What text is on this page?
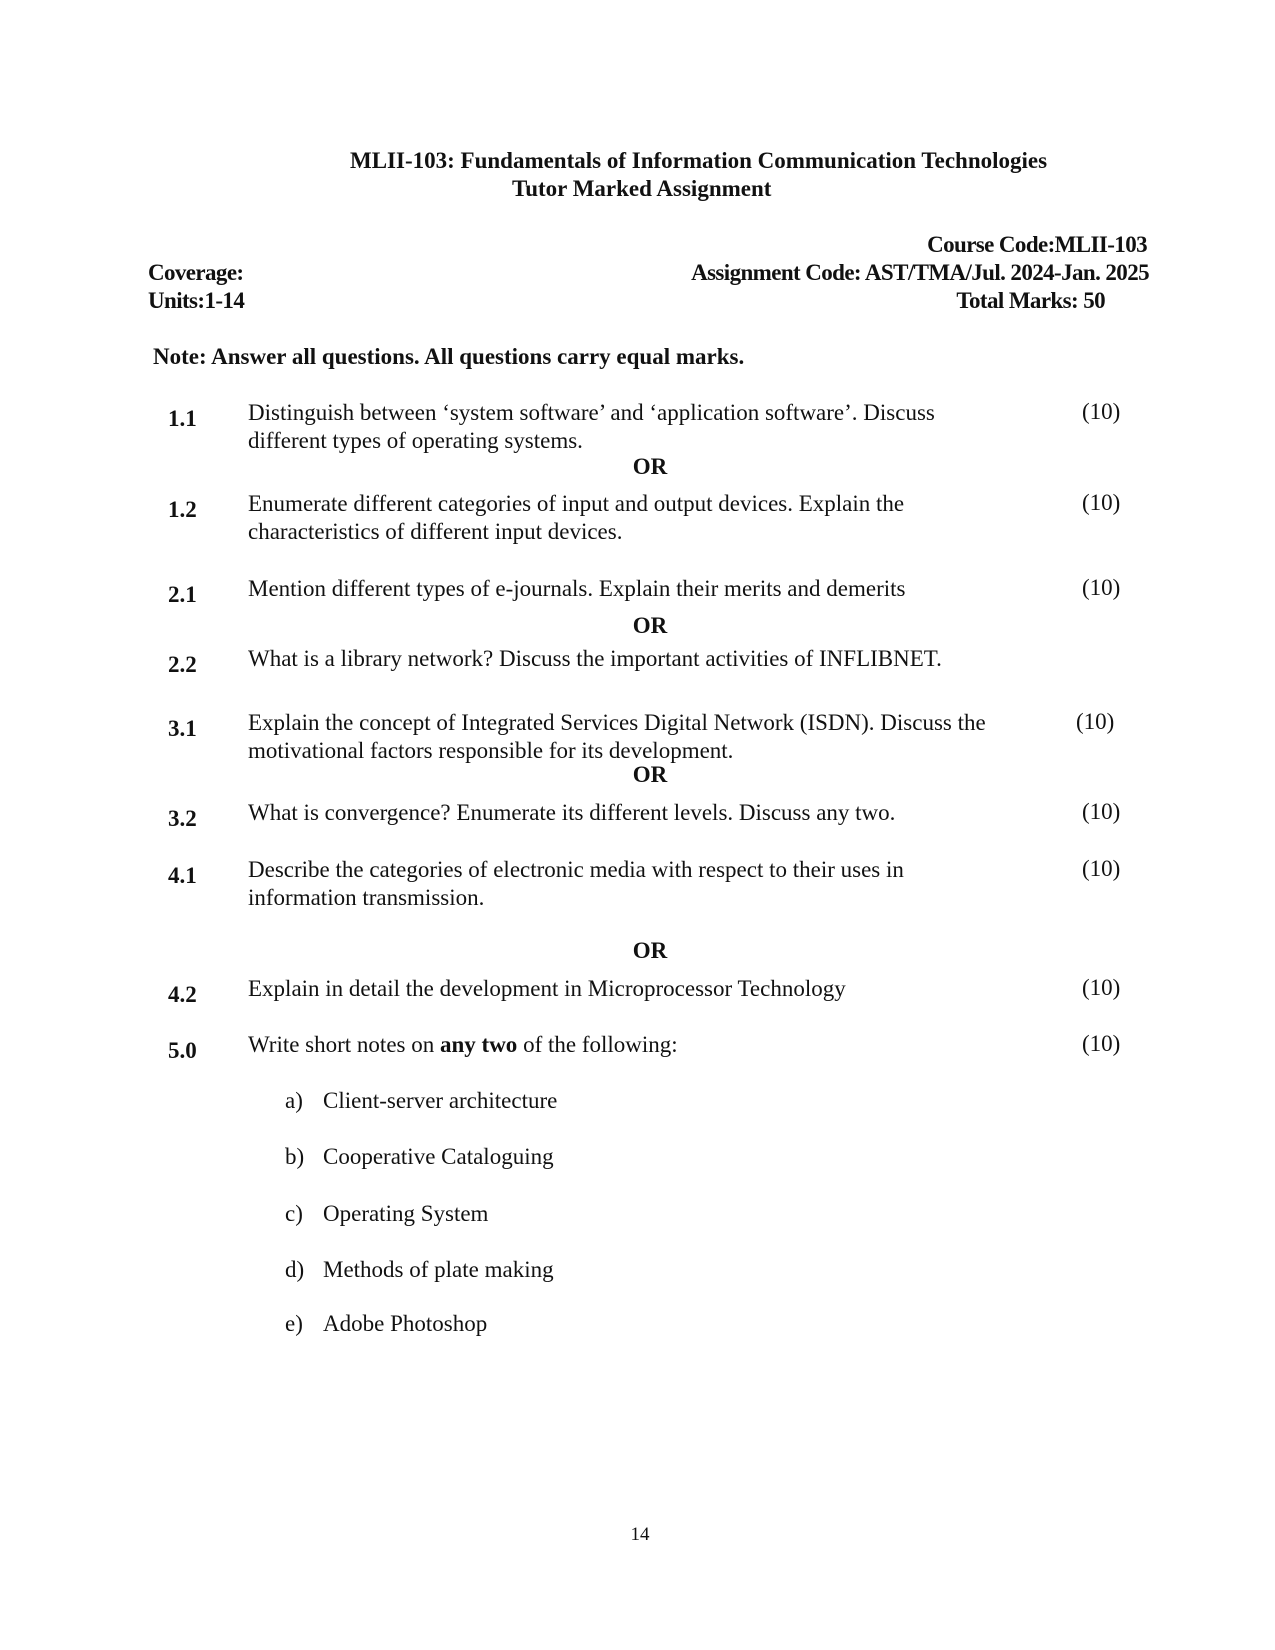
MLII-103: Fundamentals of Information Communication Technologies
Tutor Marked Assignment
Course Code:MLII-103
Coverage:	Assignment Code: AST/TMA/Jul. 2024-Jan. 2025
Units:1-14	Total Marks: 50
Note: Answer all questions. All questions carry equal marks.
1.1 Distinguish between ‘system software’ and ‘application software’. Discuss
different types of operating systems.
(10)
OR
1.2 Enumerate different categories of input and output devices. Explain the
characteristics of different input devices.
(10)
2.1 Mention different types of e-journals. Explain their merits and demerits	(10)
OR
2.2 What is a library network? Discuss the important activities of INFLIBNET.
3.1 Explain the concept of Integrated Services Digital Network (ISDN). Discuss the
motivational factors responsible for its development.
(10)
OR
3.2 What is convergence? Enumerate its different levels. Discuss any two.	(10)
4.1 Describe the categories of electronic media with respect to their uses in
information transmission.
(10)
OR
4.2 Explain in detail the development in Microprocessor Technology	(10)
5.0 Write short notes on any two of the following:	(10)
a) Client-server architecture
b) Cooperative Cataloguing
c) Operating System
d) Methods of plate making
e) Adobe Photoshop
14
